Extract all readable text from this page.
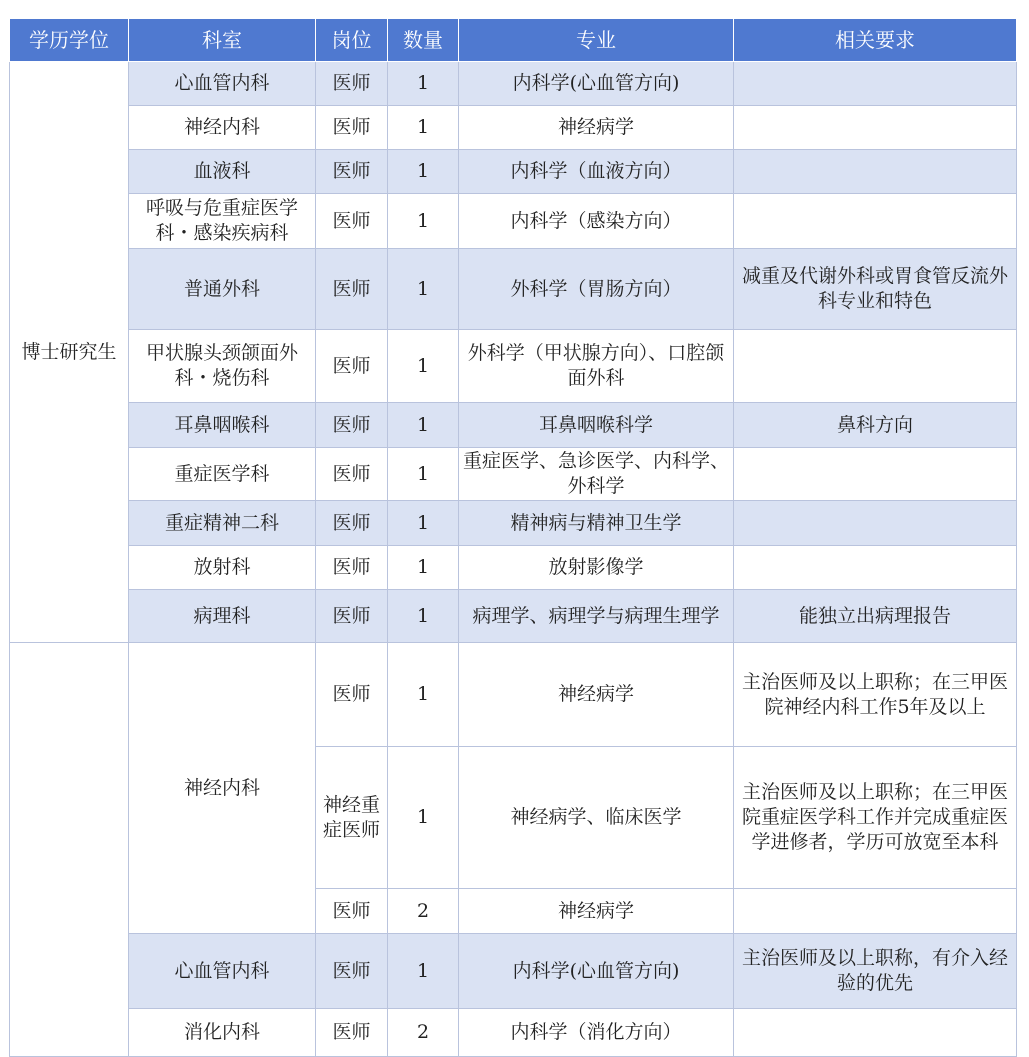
学历学位	科室	岗位	数量	专业	相关要求
博士研究生	心血管内科	医师	1	内科学(心血管方向)	
	神经内科	医师	1	神经病学	
	血液科	医师	1	内科学（血液方向）	
	呼吸与危重症医学科・感染疾病科	医师	1	内科学（感染方向）	
	普通外科	医师	1	外科学（胃肠方向）	减重及代谢外科或胃食管反流外科专业和特色
	甲状腺头颈颌面外科・烧伤科	医师	1	外科学（甲状腺方向）、口腔颌面外科	
	耳鼻咽喉科	医师	1	耳鼻咽喉科学	鼻科方向
	重症医学科	医师	1	重症医学、急诊医学、内科学、外科学	
	重症精神二科	医师	1	精神病与精神卫生学	
	放射科	医师	1	放射影像学	
	病理科	医师	1	病理学、病理学与病理生理学	能独立出病理报告
	神经内科	医师	1	神经病学	主治医师及以上职称；在三甲医院神经内科工作5年及以上
		神经重症医师	1	神经病学、临床医学	主治医师及以上职称；在三甲医院重症医学科工作并完成重症医学进修者，学历可放宽至本科
		医师	2	神经病学	
	心血管内科	医师	1	内科学(心血管方向)	主治医师及以上职称，有介入经验的优先
	消化内科	医师	2	内科学（消化方向）	
